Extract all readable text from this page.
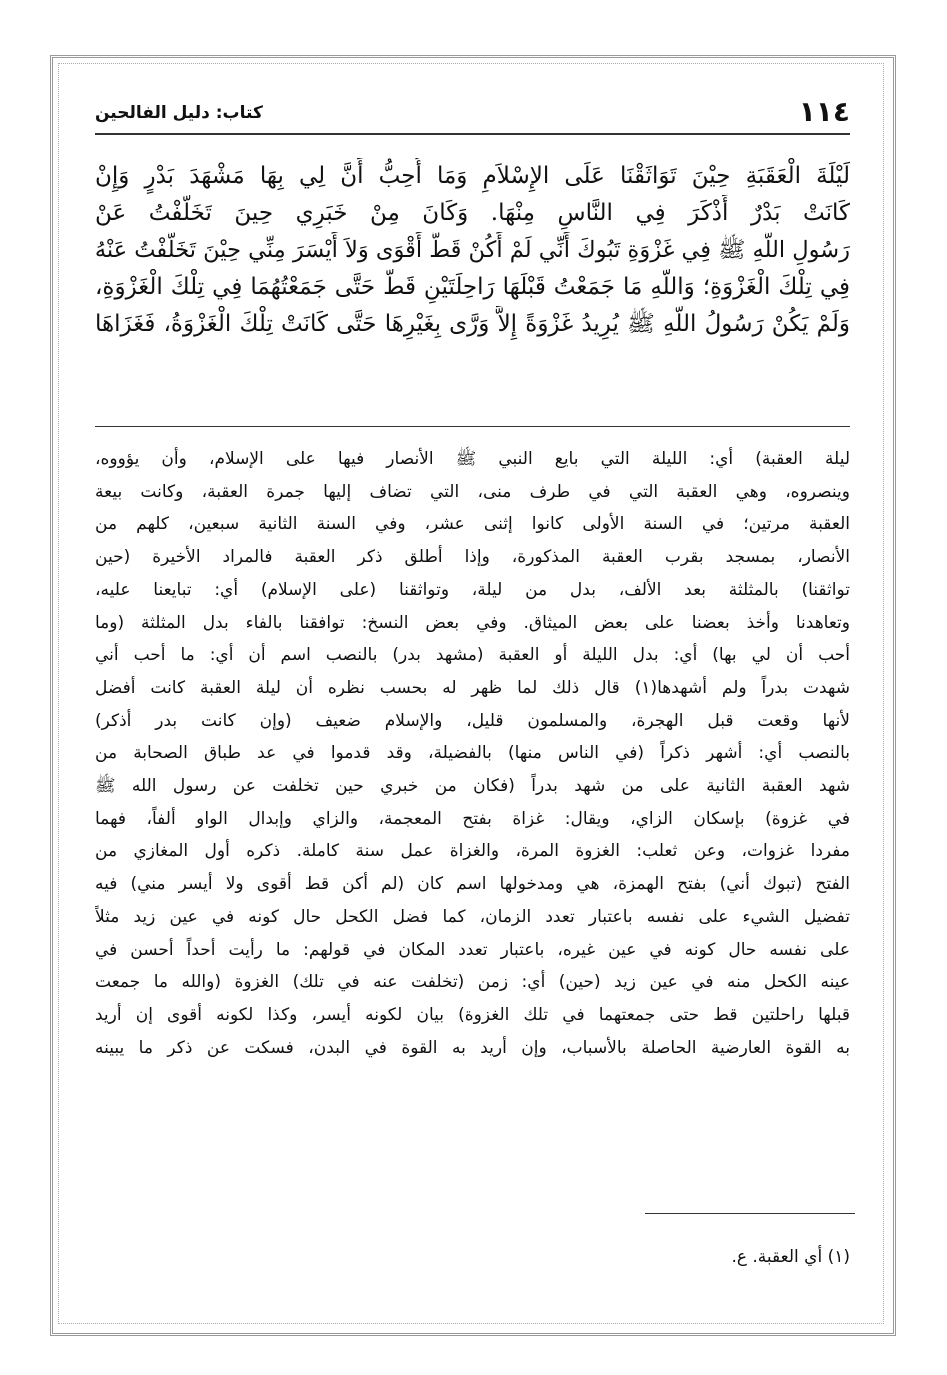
١١٤
كتاب: دليل الفالحين
لَيْلَةَ الْعَقَبَةِ حِيْنَ تَوَاثَقْنَا عَلَى الإِسْلاَمِ وَمَا أُحِبُّ أَنَّ لِي بِهَا مَشْهَدَ بَدْرٍ وَإِنْ
كَانَتْ بَدْرٌ أَذْكَرَ فِي النَّاسِ مِنْهَا. وَكَانَ مِنْ خَبَرِي حِينَ تَخَلَّفْتُ عَنْ
رَسُولِ اللَّهِ ﷺ فِي غَزْوَةِ تَبُوكَ أَنِّي لَمْ أَكُنْ قَطُّ أَقْوَى وَلاَ أَيْسَرَ مِنِّي حِيْنَ تَخَلَّفْتُ عَنْهُ
فِي تِلْكَ الْغَزْوَةِ؛ وَاللَّهِ مَا جَمَعْتُ قَبْلَهَا رَاحِلَتَيْنِ قَطُّ حَتَّى جَمَعْتُهُمَا فِي تِلْكَ الْغَزْوَةِ،
وَلَمْ يَكُنْ رَسُولُ اللَّهِ ﷺ يُرِيدُ غَزْوَةً إِلاَّ وَرَّى بِغَيْرِهَا حَتَّى كَانَتْ تِلْكَ الْغَزْوَةُ، فَغَزَاهَا
ليلة العقبة) أي: الليلة التي بايع النبي ﷺ الأنصار فيها على الإسلام، وأن يؤووه،
وينصروه، وهي العقبة التي في طرف منى، التي تضاف إليها جمرة العقبة، وكانت بيعة
العقبة مرتين؛ في السنة الأولى كانوا إثنى عشر، وفي السنة الثانية سبعين، كلهم من
الأنصار، بمسجد بقرب العقبة المذكورة، وإذا أطلق ذكر العقبة فالمراد الأخيرة (حين
تواثقنا) بالمثلثة بعد الألف، بدل من ليلة، وتواثقنا (على الإسلام) أي: تبايعنا عليه،
وتعاهدنا وأخذ بعضنا على بعض الميثاق. وفي بعض النسخ: توافقنا بالفاء بدل المثلثة (وما
أحب أن لي بها) أي: بدل الليلة أو العقبة (مشهد بدر) بالنصب اسم أن أي: ما أحب أني
شهدت بدراً ولم أشهدها(١) قال ذلك لما ظهر له بحسب نظره أن ليلة العقبة كانت أفضل
لأنها وقعت قبل الهجرة، والمسلمون قليل، والإسلام ضعيف (وإن كانت بدر أذكر)
بالنصب أي: أشهر ذكراً (في الناس منها) بالفضيلة، وقد قدموا في عد طباق الصحابة من
شهد العقبة الثانية على من شهد بدراً (فكان من خبري حين تخلفت عن رسول الله ﷺ
في غزوة) بإسكان الزاي، ويقال: غزاة بفتح المعجمة، والزاي وإبدال الواو ألفاً، فهما
مفردا غزوات، وعن ثعلب: الغزوة المرة، والغزاة عمل سنة كاملة. ذكره أول المغازي من
الفتح (تبوك أني) بفتح الهمزة، هي ومدخولها اسم كان (لم أكن قط أقوى ولا أيسر مني) فيه
تفضيل الشيء على نفسه باعتبار تعدد الزمان، كما فضل الكحل حال كونه في عين زيد مثلاً
على نفسه حال كونه في عين غيره، باعتبار تعدد المكان في قولهم: ما رأيت أحداً أحسن في
عينه الكحل منه في عين زيد (حين) أي: زمن (تخلفت عنه في تلك) الغزوة (والله ما جمعت
قبلها راحلتين قط حتى جمعتهما في تلك الغزوة) بيان لكونه أيسر، وكذا لكونه أقوى إن أريد
به القوة العارضية الحاصلة بالأسباب، وإن أريد به القوة في البدن، فسكت عن ذكر ما يبينه
(١) أي العقبة. ع.
